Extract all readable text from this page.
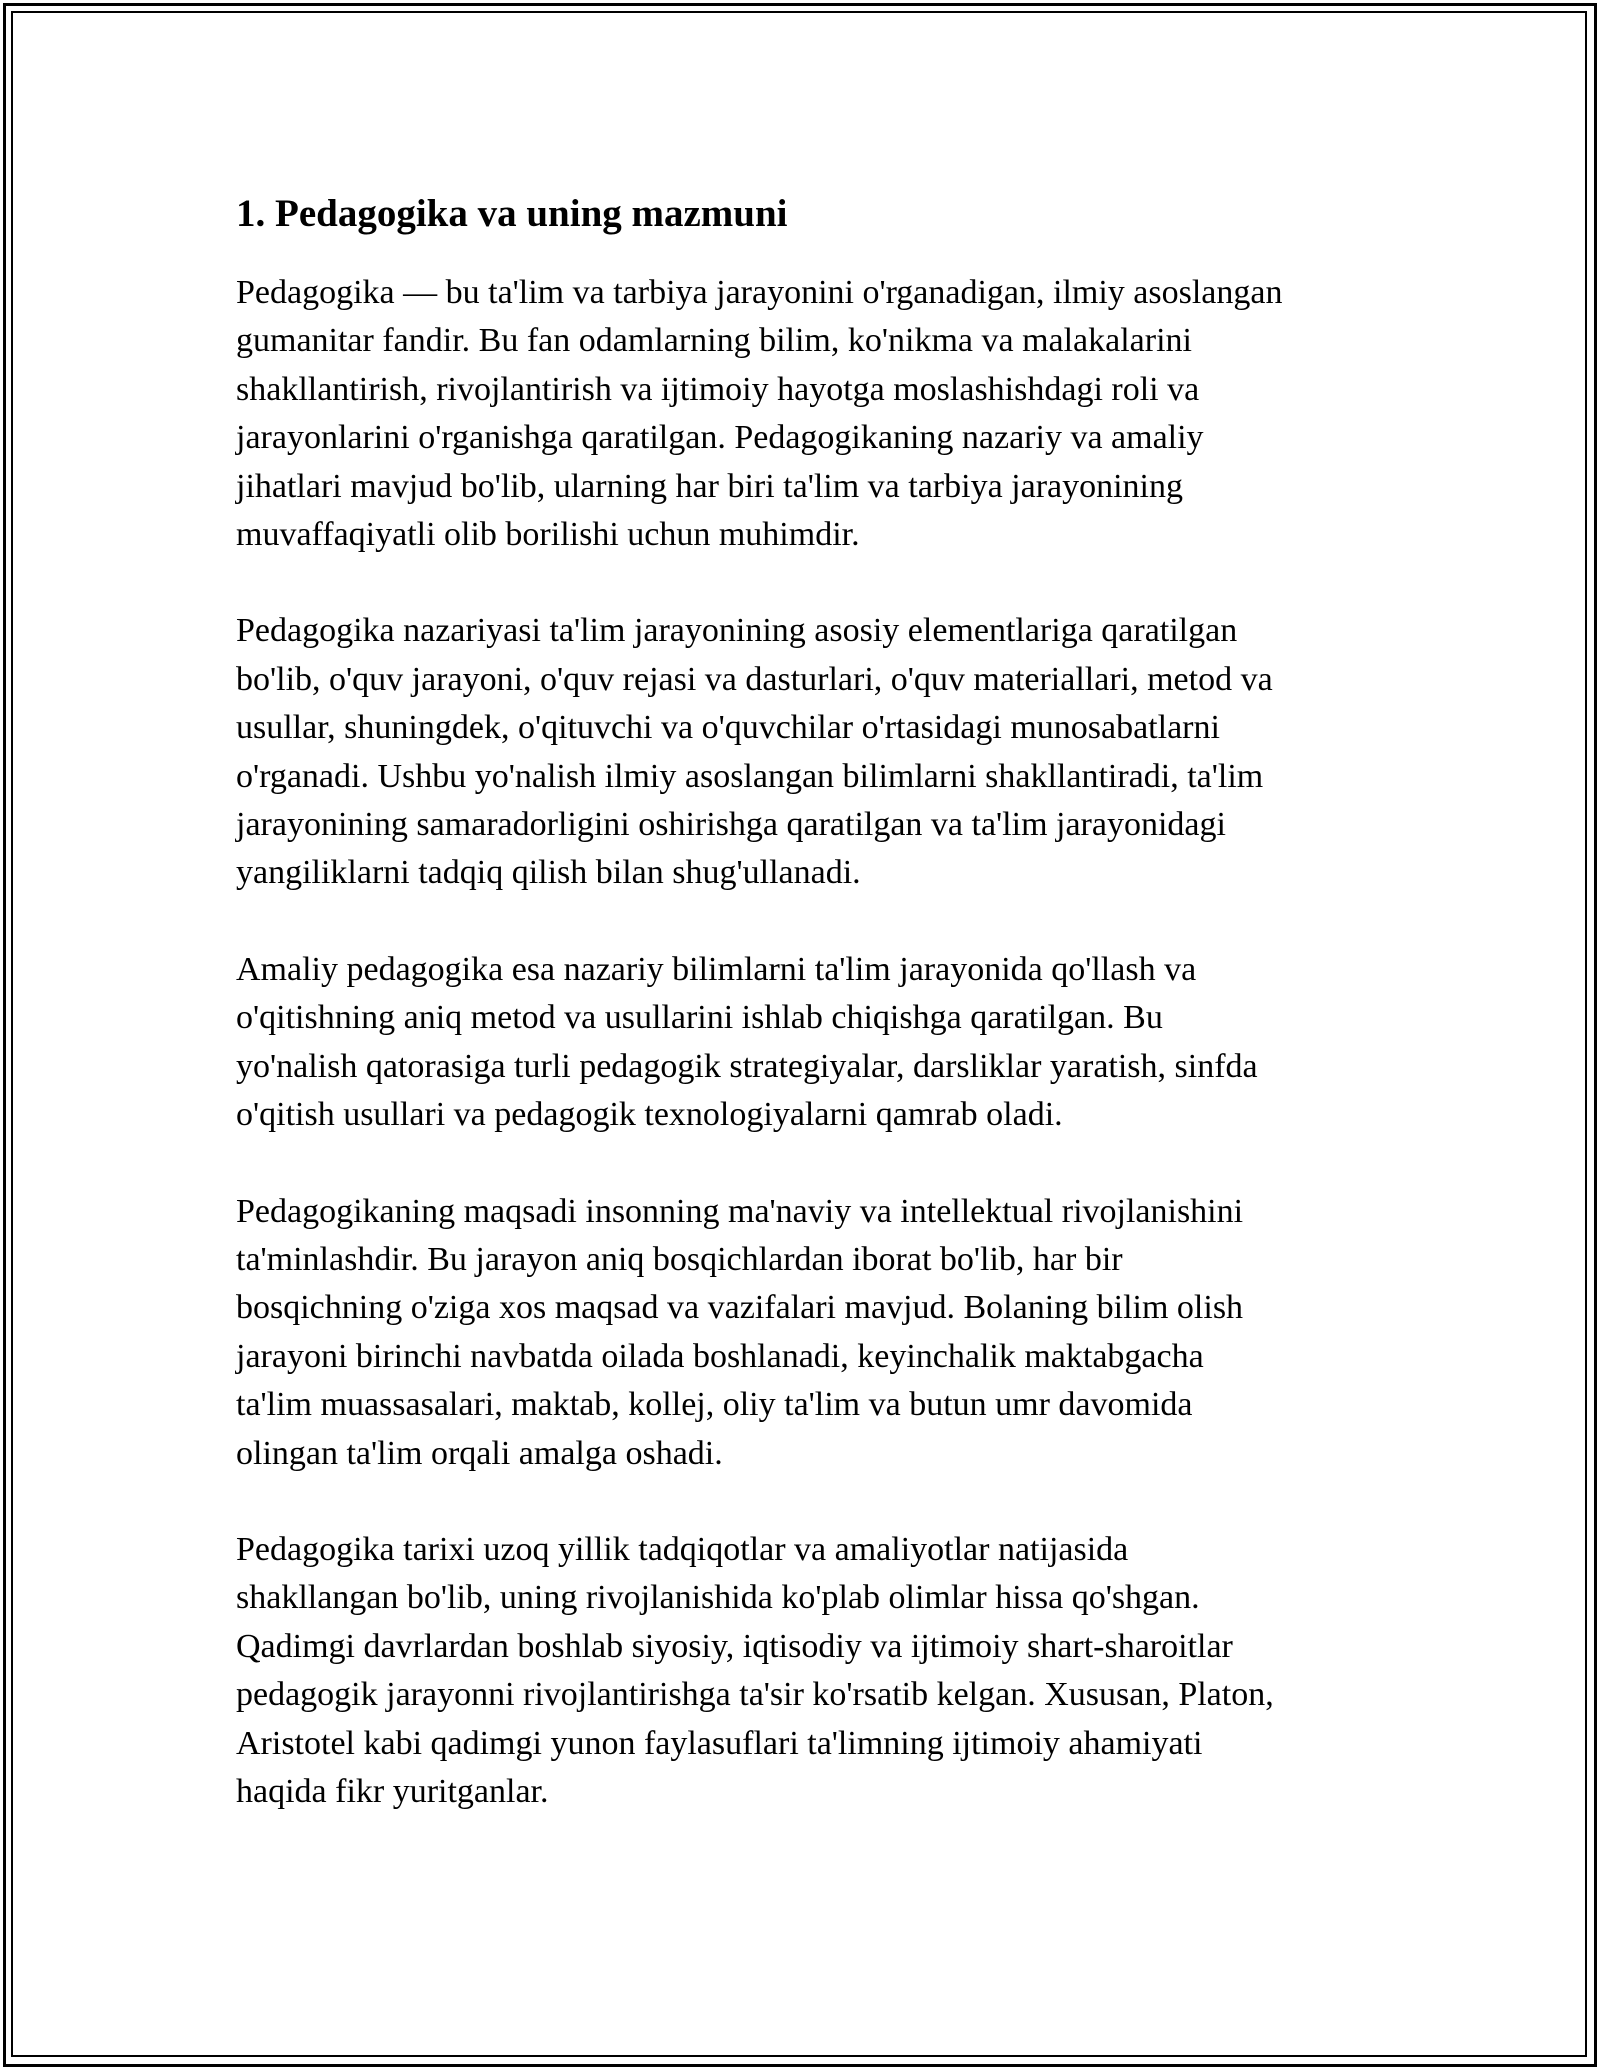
1. Pedagogika va uning mazmuni

Pedagogika — bu ta'lim va tarbiya jarayonini o'rganadigan, ilmiy asoslangan
gumanitar fandir. Bu fan odamlarning bilim, ko'nikma va malakalarini
shakllantirish, rivojlantirish va ijtimoiy hayotga moslashishdagi roli va
jarayonlarini o'rganishga qaratilgan. Pedagogikaning nazariy va amaliy
jihatlari mavjud bo'lib, ularning har biri ta'lim va tarbiya jarayonining
muvaffaqiyatli olib borilishi uchun muhimdir.

Pedagogika nazariyasi ta'lim jarayonining asosiy elementlariga qaratilgan
bo'lib, o'quv jarayoni, o'quv rejasi va dasturlari, o'quv materiallari, metod va
usullar, shuningdek, o'qituvchi va o'quvchilar o'rtasidagi munosabatlarni
o'rganadi. Ushbu yo'nalish ilmiy asoslangan bilimlarni shakllantiradi, ta'lim
jarayonining samaradorligini oshirishga qaratilgan va ta'lim jarayonidagi
yangiliklarni tadqiq qilish bilan shug'ullanadi.

Amaliy pedagogika esa nazariy bilimlarni ta'lim jarayonida qo'llash va
o'qitishning aniq metod va usullarini ishlab chiqishga qaratilgan. Bu
yo'nalish qatorasiga turli pedagogik strategiyalar, darsliklar yaratish, sinfda
o'qitish usullari va pedagogik texnologiyalarni qamrab oladi.

Pedagogikaning maqsadi insonning ma'naviy va intellektual rivojlanishini
ta'minlashdir. Bu jarayon aniq bosqichlardan iborat bo'lib, har bir
bosqichning o'ziga xos maqsad va vazifalari mavjud. Bolaning bilim olish
jarayoni birinchi navbatda oilada boshlanadi, keyinchalik maktabgacha
ta'lim muassasalari, maktab, kollej, oliy ta'lim va butun umr davomida
olingan ta'lim orqali amalga oshadi.

Pedagogika tarixi uzoq yillik tadqiqotlar va amaliyotlar natijasida
shakllangan bo'lib, uning rivojlanishida ko'plab olimlar hissa qo'shgan.
Qadimgi davrlardan boshlab siyosiy, iqtisodiy va ijtimoiy shart-sharoitlar
pedagogik jarayonni rivojlantirishga ta'sir ko'rsatib kelgan. Xususan, Platon,
Aristotel kabi qadimgi yunon faylasuflari ta'limning ijtimoiy ahamiyati
haqida fikr yuritganlar.
